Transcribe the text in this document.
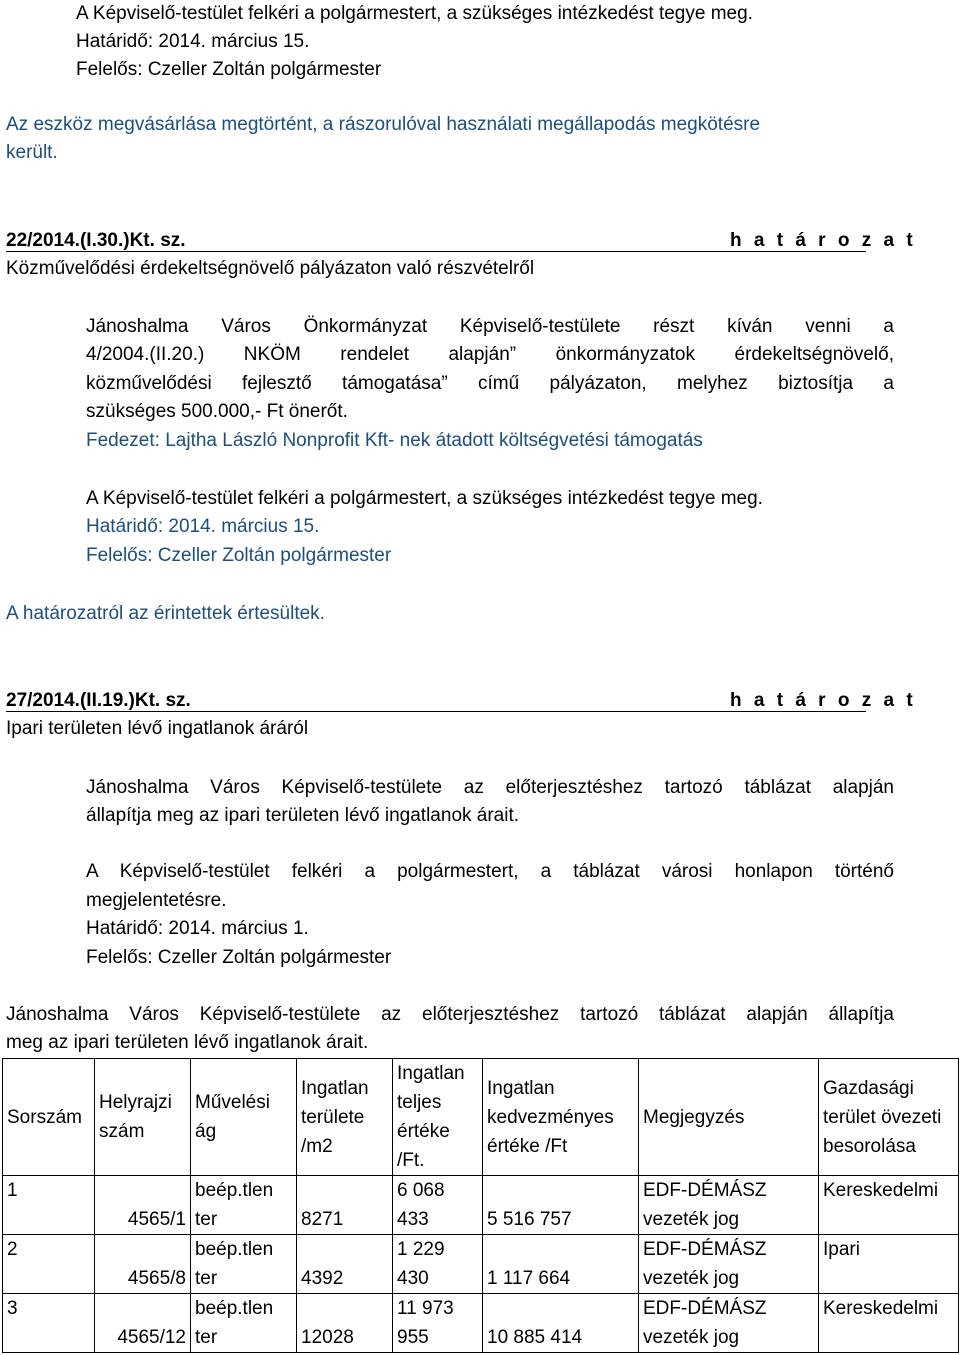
A Képviselő-testület felkéri a polgármestert, a szükséges intézkedést tegye meg.
Határidő: 2014. március 15.
Felelős: Czeller Zoltán polgármester
Az eszköz megvásárlása megtörtént, a rászorulóval használati megállapodás megkötésre
került.
22/2014.(I.30.)Kt. sz.	h a t á r o z a t
Közművelődési érdekeltségnövelő pályázaton való részvételről
Jánoshalma Város Önkormányzat Képviselő-testülete részt kíván venni a
4/2004.(II.20.) NKÖM rendelet alapján” önkormányzatok érdekeltségnövelő,
közművelődési fejlesztő támogatása” című pályázaton, melyhez biztosítja a
szükséges 500.000,- Ft önerőt.
Fedezet: Lajtha László Nonprofit Kft- nek átadott költségvetési támogatás
A Képviselő-testület felkéri a polgármestert, a szükséges intézkedést tegye meg.
Határidő: 2014. március 15.
Felelős: Czeller Zoltán polgármester
A határozatról az érintettek értesültek.
27/2014.(II.19.)Kt. sz.	h a t á r o z a t
Ipari területen lévő ingatlanok áráról
Jánoshalma Város Képviselő-testülete az előterjesztéshez tartozó táblázat alapján
állapítja meg az ipari területen lévő ingatlanok árait.
A Képviselő-testület felkéri a polgármestert, a táblázat városi honlapon történő
megjelentetésre.
Határidő: 2014. március 1.
Felelős: Czeller Zoltán polgármester
Jánoshalma Város Képviselő-testülete az előterjesztéshez tartozó táblázat alapján állapítja
meg az ipari területen lévő ingatlanok árait.
Sorszám	Helyrajzi szám	Művelési ág	Ingatlan területe /m2	Ingatlan teljes értéke /Ft.	Ingatlan kedvezményes értéke /Ft	Megjegyzés	Gazdasági terület övezeti besorolása
1	4565/1	beép.tlen ter	8271	6 068 433	5 516 757	EDF-DÉMÁSZ vezeték jog	Kereskedelmi
2	4565/8	beép.tlen ter	4392	1 229 430	1 117 664	EDF-DÉMÁSZ vezeték jog	Ipari
3	4565/12	beép.tlen ter	12028	11 973 955	10 885 414	EDF-DÉMÁSZ vezeték jog	Kereskedelmi
